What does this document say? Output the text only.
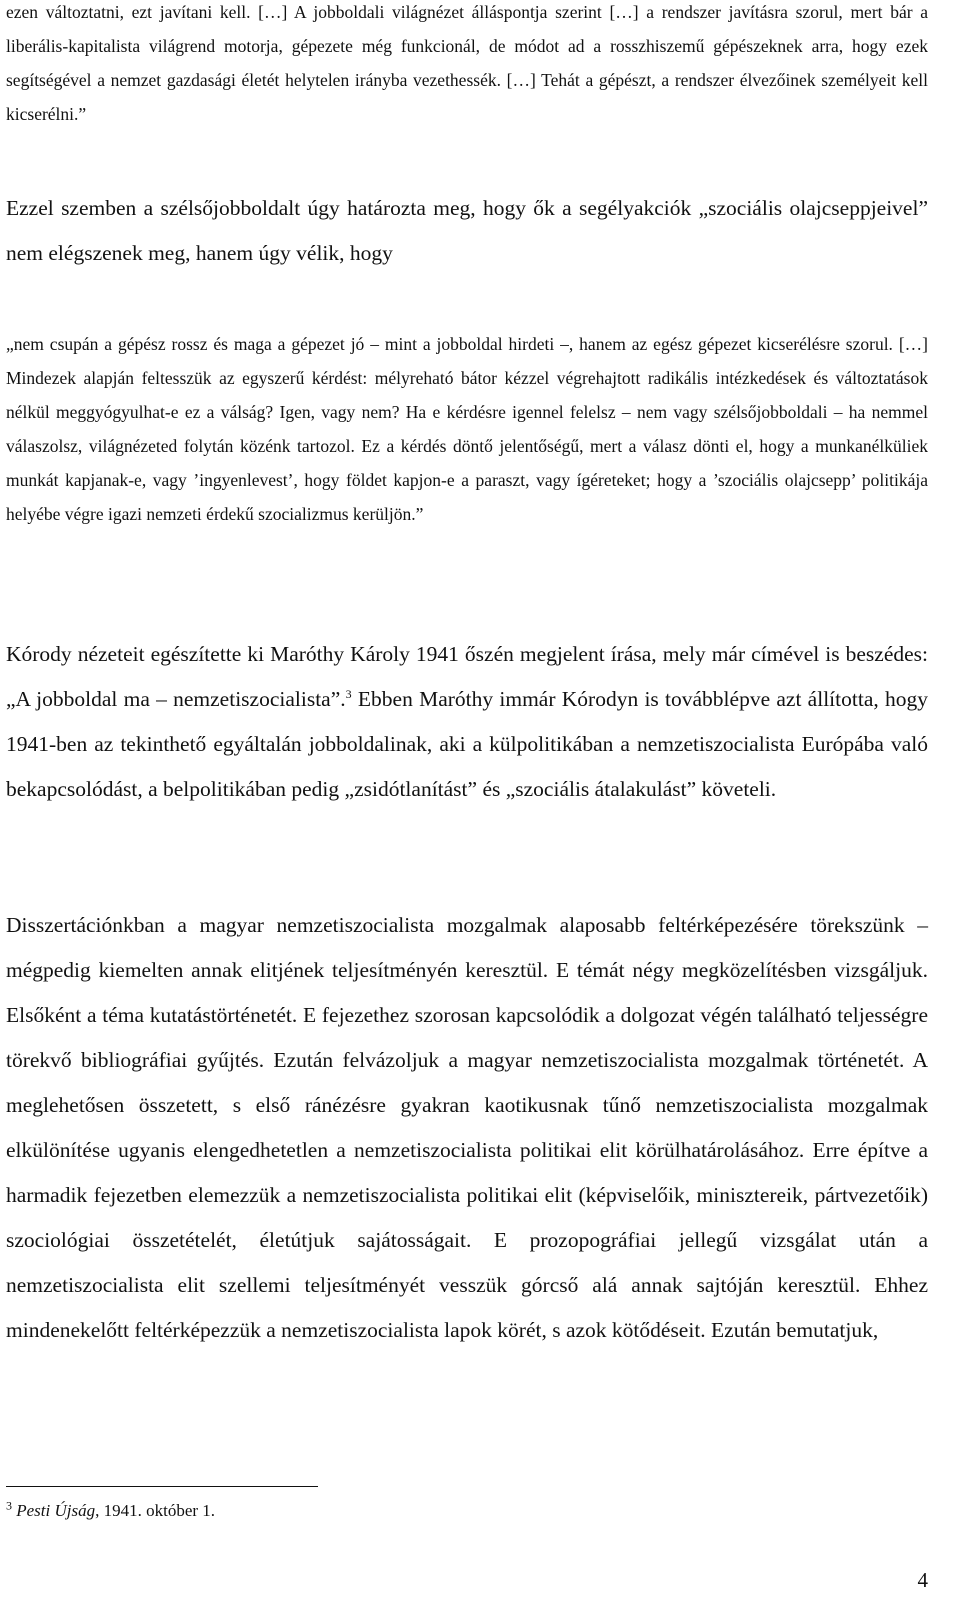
ezen változtatni, ezt javítani kell. […] A jobboldali világnézet álláspontja szerint […] a rendszer javításra szorul, mert bár a liberális-kapitalista világrend motorja, gépezete még funkcionál, de módot ad a rosszhiszemű gépészeknek arra, hogy ezek segítségével a nemzet gazdasági életét helytelen irányba vezethessék. […] Tehát a gépészt, a rendszer élvezőinek személyeit kell kicserélni.”

Ezzel szemben a szélsőjobboldalt úgy határozta meg, hogy ők a segélyakciók „szociális olajcseppjeivel” nem elégszenek meg, hanem úgy vélik, hogy

„nem csupán a gépész rossz és maga a gépezet jó – mint a jobboldal hirdeti –, hanem az egész gépezet kicserélésre szorul. […] Mindezek alapján feltesszük az egyszerű kérdést: mélyreható bátor kézzel végrehajtott radikális intézkedések és változtatások nélkül meggyógyulhat-e ez a válság? Igen, vagy nem? Ha e kérdésre igennel felelsz – nem vagy szélsőjobboldali – ha nemmel válaszolsz, világnézeted folytán közénk tartozol. Ez a kérdés döntő jelentőségű, mert a válasz dönti el, hogy a munkanélküliek munkát kapjanak-e, vagy ’ingyenlevest’, hogy földet kapjon-e a paraszt, vagy ígéreteket; hogy a ’szociális olajcsepp’ politikája helyébe végre igazi nemzeti érdekű szocializmus kerüljön.”

Kórody nézeteit egészítette ki Maróthy Károly 1941 őszén megjelent írása, mely már címével is beszédes: „A jobboldal ma – nemzetiszocialista”.$^3$ Ebben Maróthy immár Kórodyn is továbblépve azt állította, hogy 1941-ben az tekinthető egyáltalán jobboldalinak, aki a külpolitikában a nemzetiszocialista Európába való bekapcsolódást, a belpolitikában pedig „zsidótlanítást” és „szociális átalakulást” követeli.

Disszertációnkban a magyar nemzetiszocialista mozgalmak alaposabb feltérképezésére törekszünk – mégpedig kiemelten annak elitjének teljesítményén keresztül. E témát négy megközelítésben vizsgáljuk. Elsőként a téma kutatástörténetét. E fejezethez szorosan kapcsolódik a dolgozat végén található teljességre törekvő bibliográfiai gyűjtés. Ezután felvázoljuk a magyar nemzetiszocialista mozgalmak történetét. A meglehetősen összetett, s első ránézésre gyakran kaotikusnak tűnő nemzetiszocialista mozgalmak elkülönítése ugyanis elengedhetetlen a nemzetiszocialista politikai elit körülhatárolásához. Erre építve a harmadik fejezetben elemezzük a nemzetiszocialista politikai elit (képviselőik, minisztereik, pártvezetőik) szociológiai összetételét, életútjuk sajátosságait. E prozopográfiai jellegű vizsgálat után a nemzetiszocialista elit szellemi teljesítményét vesszük górcső alá annak sajtóján keresztül. Ehhez mindenekelőtt feltérképezzük a nemzetiszocialista lapok körét, s azok kötődéseit. Ezután bemutatjuk,

$^3$ Pesti Újság, 1941. október 1.
4
